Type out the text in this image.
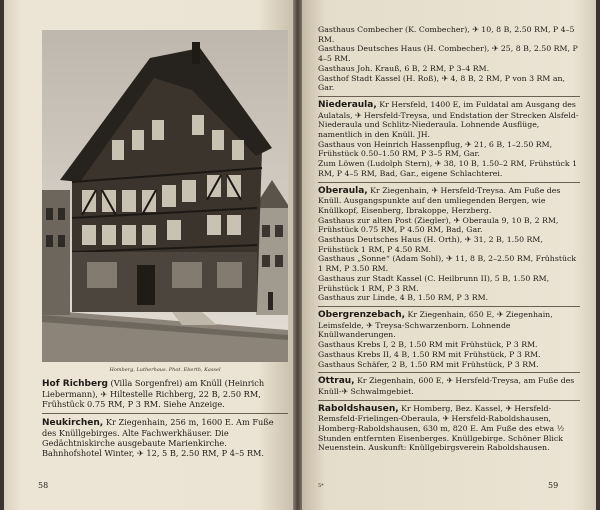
Homberg, Lutherhaus. Phot. Eberth, Kassel

Hof Richberg (Villa Sorgenfrei) am Knüll (Heinrich Liebermann), ✈ Hiltestelle Richberg, 22 B, 2.50 RM, Frühstück 0.75 RM, P 3 RM. Siehe Anzeige.

Neukirchen, Kr Ziegenhain, 256 m, 1600 E. Am Fuße des Knüllgebirges. Alte Fachwerkhäuser. Die Gedächtniskirche ausgebaute Marienkirche.

Bahnhofshotel Winter, ✈ 12, 5 B, 2.50 RM, P 4–5 RM.

58

Gasthaus Combecher (K. Combecher), ✈ 10, 8 B, 2.50 RM, P 4–5 RM.

Gasthaus Deutsches Haus (H. Combecher), ✈ 25, 8 B, 2.50 RM, P 4–5 RM.

Gasthaus Joh. Krauß, 6 B, 2 RM, P 3–4 RM.

Gasthof Stadt Kassel (H. Roß), ✈ 4, 8 B, 2 RM, P von 3 RM an, Gar.

Niederaula, Kr Hersfeld, 1400 E, im Fuldatal am Ausgang des Aulatals, ✈ Hersfeld-Treysa, und Endstation der Strecken Alsfeld-Niederaula und Schlitz-Niederaula. Lohnende Ausflüge, namentlich in den Knüll. JH.

Gasthaus von Heinrich Hassenpflug, ✈ 21, 6 B, 1–2.50 RM, Frühstück 0.50–1.50 RM, P 3–5 RM, Gar.

Zum Löwen (Ludolph Stern), ✈ 38, 10 B, 1.50–2 RM, Frühstück 1 RM, P 4–5 RM, Bad, Gar., eigene Schlachterei.

Oberaula, Kr Ziegenhain, ✈ Hersfeld-Treysa. Am Fuße des Knüll. Ausgangspunkte auf den umliegenden Bergen, wie Knüllkopf, Eisenberg, Ibrakoppe, Herzberg.

Gasthaus zur alten Post (Ziegler), ✈ Oberaula 9, 10 B, 2 RM, Frühstück 0.75 RM, P 4.50 RM, Bad, Gar.

Gasthaus Deutsches Haus (H. Orth), ✈ 31, 2 B, 1.50 RM, Frühstück 1 RM, P 4.50 RM.

Gasthaus „Sonne“ (Adam Sohl), ✈ 11, 8 B, 2–2.50 RM, Frühstück 1 RM, P 3.50 RM.

Gasthaus zur Stadt Kassel (C. Heilbrunn II), 5 B, 1.50 RM, Frühstück 1 RM, P 3 RM.

Gasthaus zur Linde, 4 B, 1.50 RM, P 3 RM.

Obergrenzebach, Kr Ziegenhain, 650 E, ✈ Ziegenhain, Leimsfelde, ✈ Treysa-Schwarzenborn. Lohnende Knüllwanderungen.

Gasthaus Krebs I, 2 B, 1.50 RM mit Frühstück, P 3 RM.

Gasthaus Krebs II, 4 B, 1.50 RM mit Frühstück, P 3 RM.

Gasthaus Schäfer, 2 B, 1.50 RM mit Frühstück, P 3 RM.

Ottrau, Kr Ziegenhain, 600 E, ✈ Hersfeld-Treysa, am Fuße des Knüll-✈ Schwalmgebiet.

Raboldshausen, Kr Homberg, Bez. Kassel, ✈ Hersfeld-Remsfeld-Frielingen-Oberaula, ✈ Hersfeld-Raboldshausen, Homberg-Raboldshausen, 630 m, 820 E. Am Fuße des etwa ½ Stunden entfernten Eisenberges. Knüllgebirge. Schöner Blick Neuenstein. Auskunft: Knüllgebirgsverein Raboldshausen.

5*	59
